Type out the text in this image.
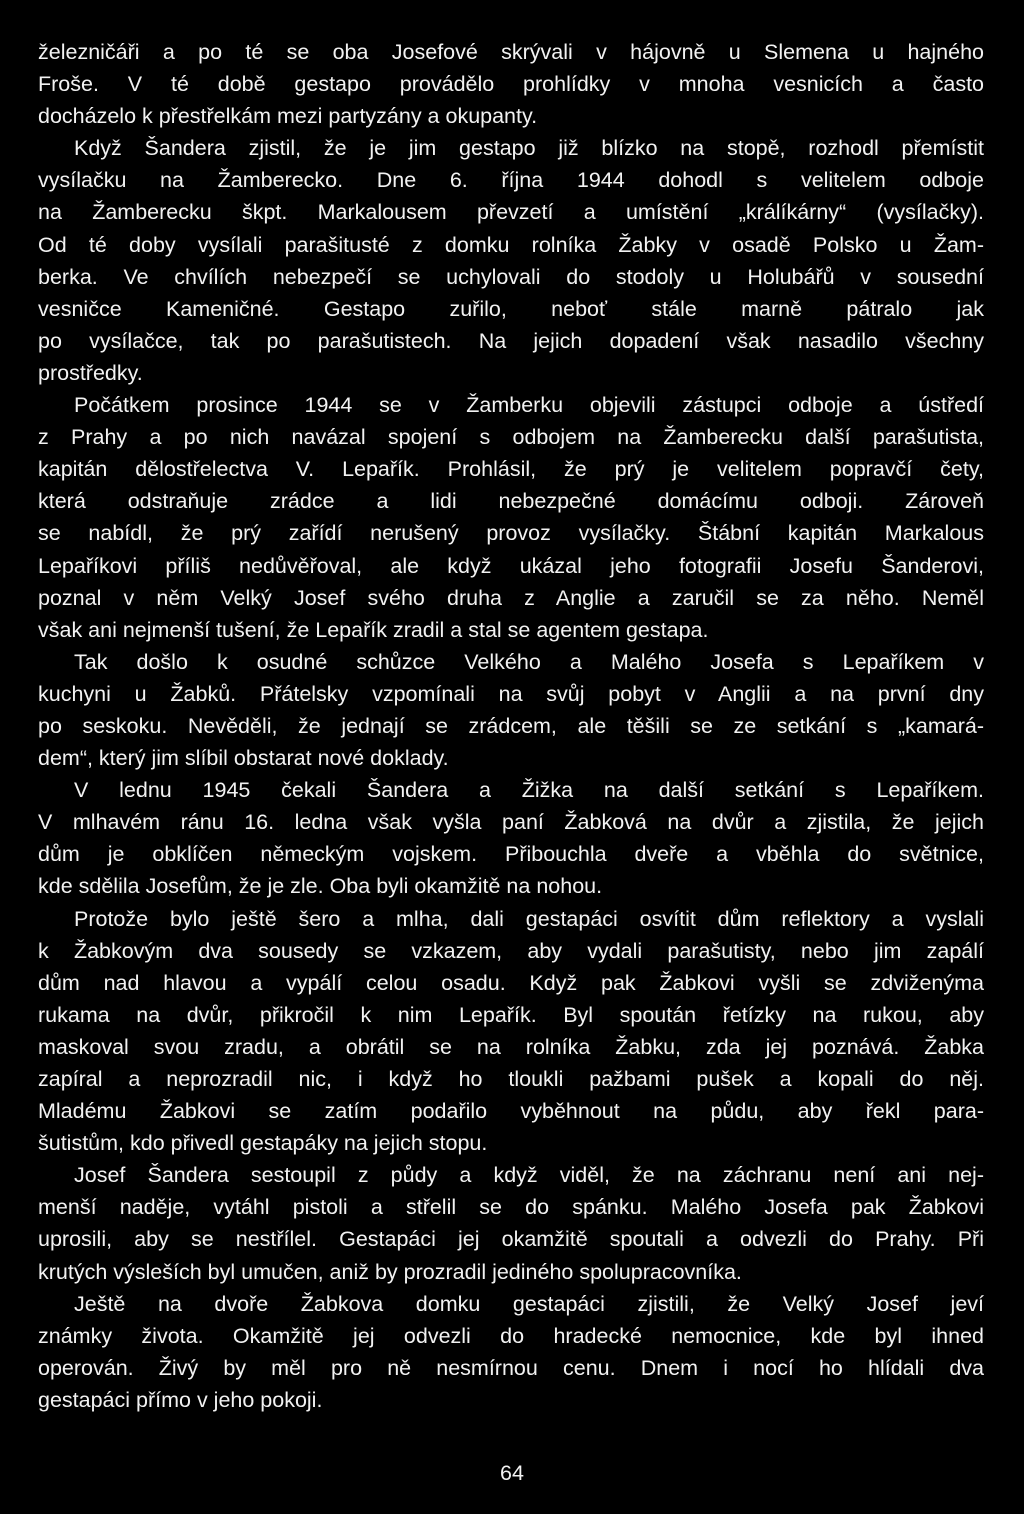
železničáři a po té se oba Josefové skrývali v hájovně u Slemena u hajného
Froše. V té době gestapo provádělo prohlídky v mnoha vesnicích a často
docházelo k přestřelkám mezi partyzány a okupanty.
Když Šandera zjistil, že je jim gestapo již blízko na stopě, rozhodl přemístit
vysílačku na Žamberecko. Dne 6. října 1944 dohodl s velitelem odboje
na Žamberecku škpt. Markalousem převzetí a umístění „králíkárny“ (vysílačky).
Od té doby vysílali parašitusté z domku rolníka Žabky v osadě Polsko u Žam-
berka. Ve chvílích nebezpečí se uchylovali do stodoly u Holubářů v sousední
vesničce Kameničné. Gestapo zuřilo, neboť stále marně pátralo jak
po vysílačce, tak po parašutistech. Na jejich dopadení však nasadilo všechny
prostředky.
Počátkem prosince 1944 se v Žamberku objevili zástupci odboje a ústředí
z Prahy a po nich navázal spojení s odbojem na Žamberecku další parašutista,
kapitán dělostřelectva V. Lepařík. Prohlásil, že prý je velitelem popravčí čety,
která odstraňuje zrádce a lidi nebezpečné domácímu odboji. Zároveň
se nabídl, že prý zařídí nerušený provoz vysílačky. Štábní kapitán Markalous
Lepaříkovi příliš nedůvěřoval, ale když ukázal jeho fotografii Josefu Šanderovi,
poznal v něm Velký Josef svého druha z Anglie a zaručil se za něho. Neměl
však ani nejmenší tušení, že Lepařík zradil a stal se agentem gestapa.
Tak došlo k osudné schůzce Velkého a Malého Josefa s Lepaříkem v
kuchyni u Žabků. Přátelsky vzpomínali na svůj pobyt v Anglii a na první dny
po seskoku. Nevěděli, že jednají se zrádcem, ale těšili se ze setkání s „kamará-
dem“, který jim slíbil obstarat nové doklady.
V lednu 1945 čekali Šandera a Žižka na další setkání s Lepaříkem.
V mlhavém ránu 16. ledna však vyšla paní Žabková na dvůr a zjistila, že jejich
dům je obklíčen německým vojskem. Přibouchla dveře a vběhla do světnice,
kde sdělila Josefům, že je zle. Oba byli okamžitě na nohou.
Protože bylo ještě šero a mlha, dali gestapáci osvítit dům reflektory a vyslali
k Žabkovým dva sousedy se vzkazem, aby vydali parašutisty, nebo jim zapálí
dům nad hlavou a vypálí celou osadu. Když pak Žabkovi vyšli se zdviženýma
rukama na dvůr, přikročil k nim Lepařík. Byl spoután řetízky na rukou, aby
maskoval svou zradu, a obrátil se na rolníka Žabku, zda jej poznává. Žabka
zapíral a neprozradil nic, i když ho tloukli pažbami pušek a kopali do něj.
Mladému Žabkovi se zatím podařilo vyběhnout na půdu, aby řekl para-
šutistům, kdo přivedl gestapáky na jejich stopu.
Josef Šandera sestoupil z půdy a když viděl, že na záchranu není ani nej-
menší naděje, vytáhl pistoli a střelil se do spánku. Malého Josefa pak Žabkovi
uprosili, aby se nestřílel. Gestapáci jej okamžitě spoutali a odvezli do Prahy. Při
krutých výsleších byl umučen, aniž by prozradil jediného spolupracovníka.
Ještě na dvoře Žabkova domku gestapáci zjistili, že Velký Josef jeví
známky života. Okamžitě jej odvezli do hradecké nemocnice, kde byl ihned
operován. Živý by měl pro ně nesmírnou cenu. Dnem i nocí ho hlídali dva
gestapáci přímo v jeho pokoji.
64
